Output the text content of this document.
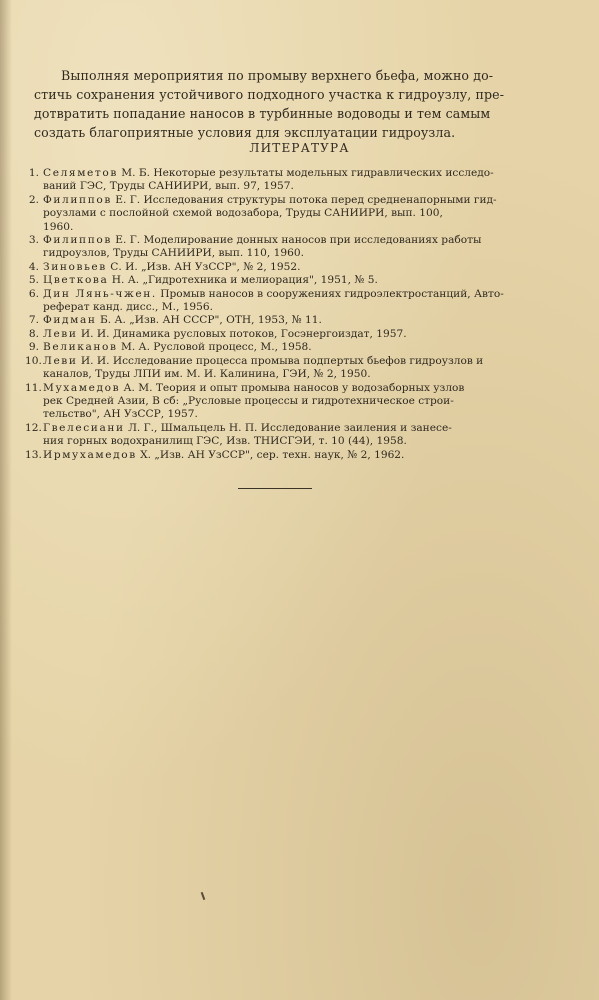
Выполняя мероприятия по промыву верхнего бьефа, можно до-
стичь сохранения устойчивого подходного участка к гидроузлу, пре-
дотвратить попадание наносов в турбинные водоводы и тем самым
создать благоприятные условия для эксплуатации гидроузла.
ЛИТЕРАТУРА
1. Селяметов М. Б. Некоторые результаты модельных гидравлических исследо-
ваний ГЭС, Труды САНИИРИ, вып. 97, 1957.
2. Филиппов Е. Г. Исследования структуры потока перед средненапорными гид-
роузлами с послойной схемой водозабора, Труды САНИИРИ, вып. 100,
1960.
3. Филиппов Е. Г. Моделирование донных наносов при исследованиях работы
гидроузлов, Труды САНИИРИ, вып. 110, 1960.
4. Зиновьев С. И. „Изв. АН УзССР", № 2, 1952.
5. Цветкова Н. А. „Гидротехника и мелиорация", 1951, № 5.
6. Дин Лянь-чжен. Промыв наносов в сооружениях гидроэлектростанций, Авто-
реферат канд. дисс., М., 1956.
7. Фидман Б. А. „Изв. АН СССР", ОТН, 1953, № 11.
8. Леви И. И. Динамика русловых потоков, Госэнергоиздат, 1957.
9. Великанов М. А. Русловой процесс, М., 1958.
10. Леви И. И. Исследование процесса промыва подпертых бьефов гидроузлов и
каналов, Труды ЛПИ им. М. И. Калинина, ГЭИ, № 2, 1950.
11. Мухамедов А. М. Теория и опыт промыва наносов у водозаборных узлов
рек Средней Азии, В сб: „Русловые процессы и гидротехническое строи-
тельство", АН УзССР, 1957.
12. Гвелесиани Л. Г., Шмальцель Н. П. Исследование заиления и занесе-
ния горных водохранилищ ГЭС, Изв. ТНИСГЭИ, т. 10 (44), 1958.
13. Ирмухамедов Х. „Изв. АН УзССР", сер. техн. наук, № 2, 1962.
